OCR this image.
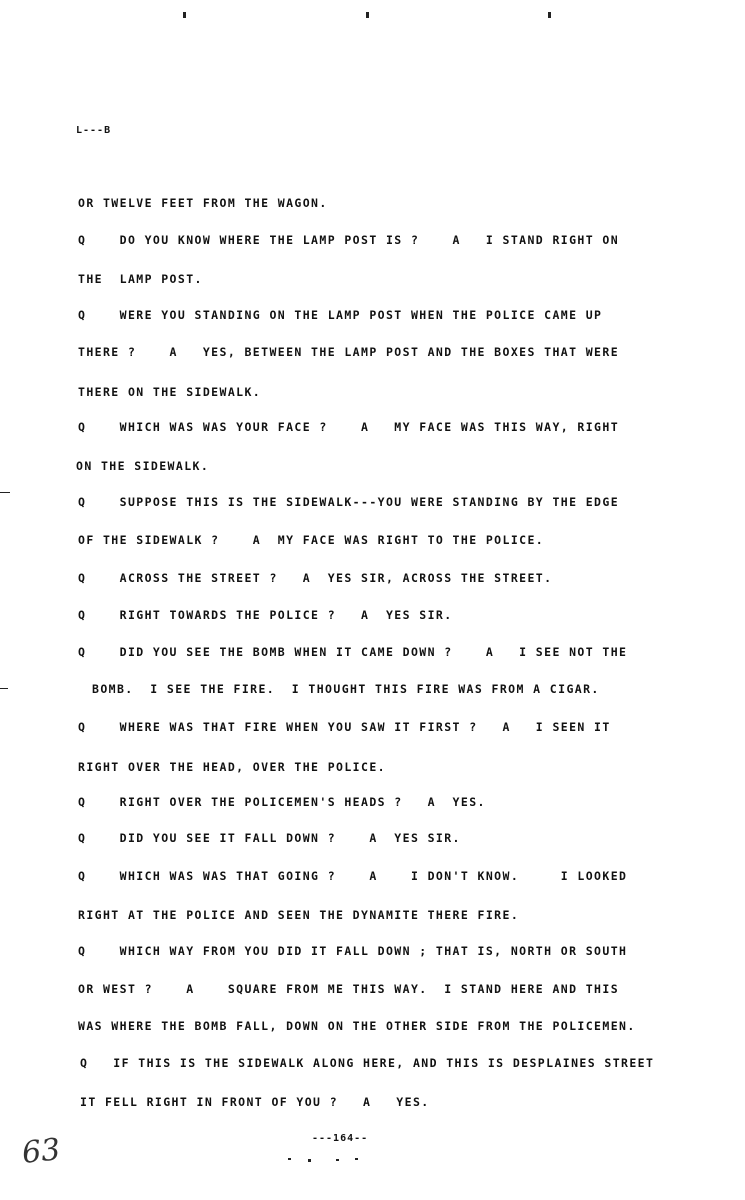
L---B
OR TWELVE FEET FROM THE WAGON.
Q    DO YOU KNOW WHERE THE LAMP POST IS ?    A   I STAND RIGHT ON
THE  LAMP POST.
Q    WERE YOU STANDING ON THE LAMP POST WHEN THE POLICE CAME UP
THERE ?    A   YES, BETWEEN THE LAMP POST AND THE BOXES THAT WERE
THERE ON THE SIDEWALK.
Q    WHICH WAS WAS YOUR FACE ?    A   MY FACE WAS THIS WAY, RIGHT
ON THE SIDEWALK.
Q    SUPPOSE THIS IS THE SIDEWALK---YOU WERE STANDING BY THE EDGE
OF THE SIDEWALK ?    A  MY FACE WAS RIGHT TO THE POLICE.
Q    ACROSS THE STREET ?   A  YES SIR, ACROSS THE STREET.
Q    RIGHT TOWARDS THE POLICE ?   A  YES SIR.
Q    DID YOU SEE THE BOMB WHEN IT CAME DOWN ?    A   I SEE NOT THE
BOMB.  I SEE THE FIRE.  I THOUGHT THIS FIRE WAS FROM A CIGAR.
Q    WHERE WAS THAT FIRE WHEN YOU SAW IT FIRST ?   A   I SEEN IT
RIGHT OVER THE HEAD, OVER THE POLICE.
Q    RIGHT OVER THE POLICEMEN'S HEADS ?   A  YES.
Q    DID YOU SEE IT FALL DOWN ?    A  YES SIR.
Q    WHICH WAS WAS THAT GOING ?    A    I DON'T KNOW.     I LOOKED
RIGHT AT THE POLICE AND SEEN THE DYNAMITE THERE FIRE.
Q    WHICH WAY FROM YOU DID IT FALL DOWN ; THAT IS, NORTH OR SOUTH
OR WEST ?    A    SQUARE FROM ME THIS WAY.  I STAND HERE AND THIS
WAS WHERE THE BOMB FALL, DOWN ON THE OTHER SIDE FROM THE POLICEMEN.
Q   IF THIS IS THE SIDEWALK ALONG HERE, AND THIS IS DESPLAINES STREET
IT FELL RIGHT IN FRONT OF YOU ?   A   YES.
---164--
63
